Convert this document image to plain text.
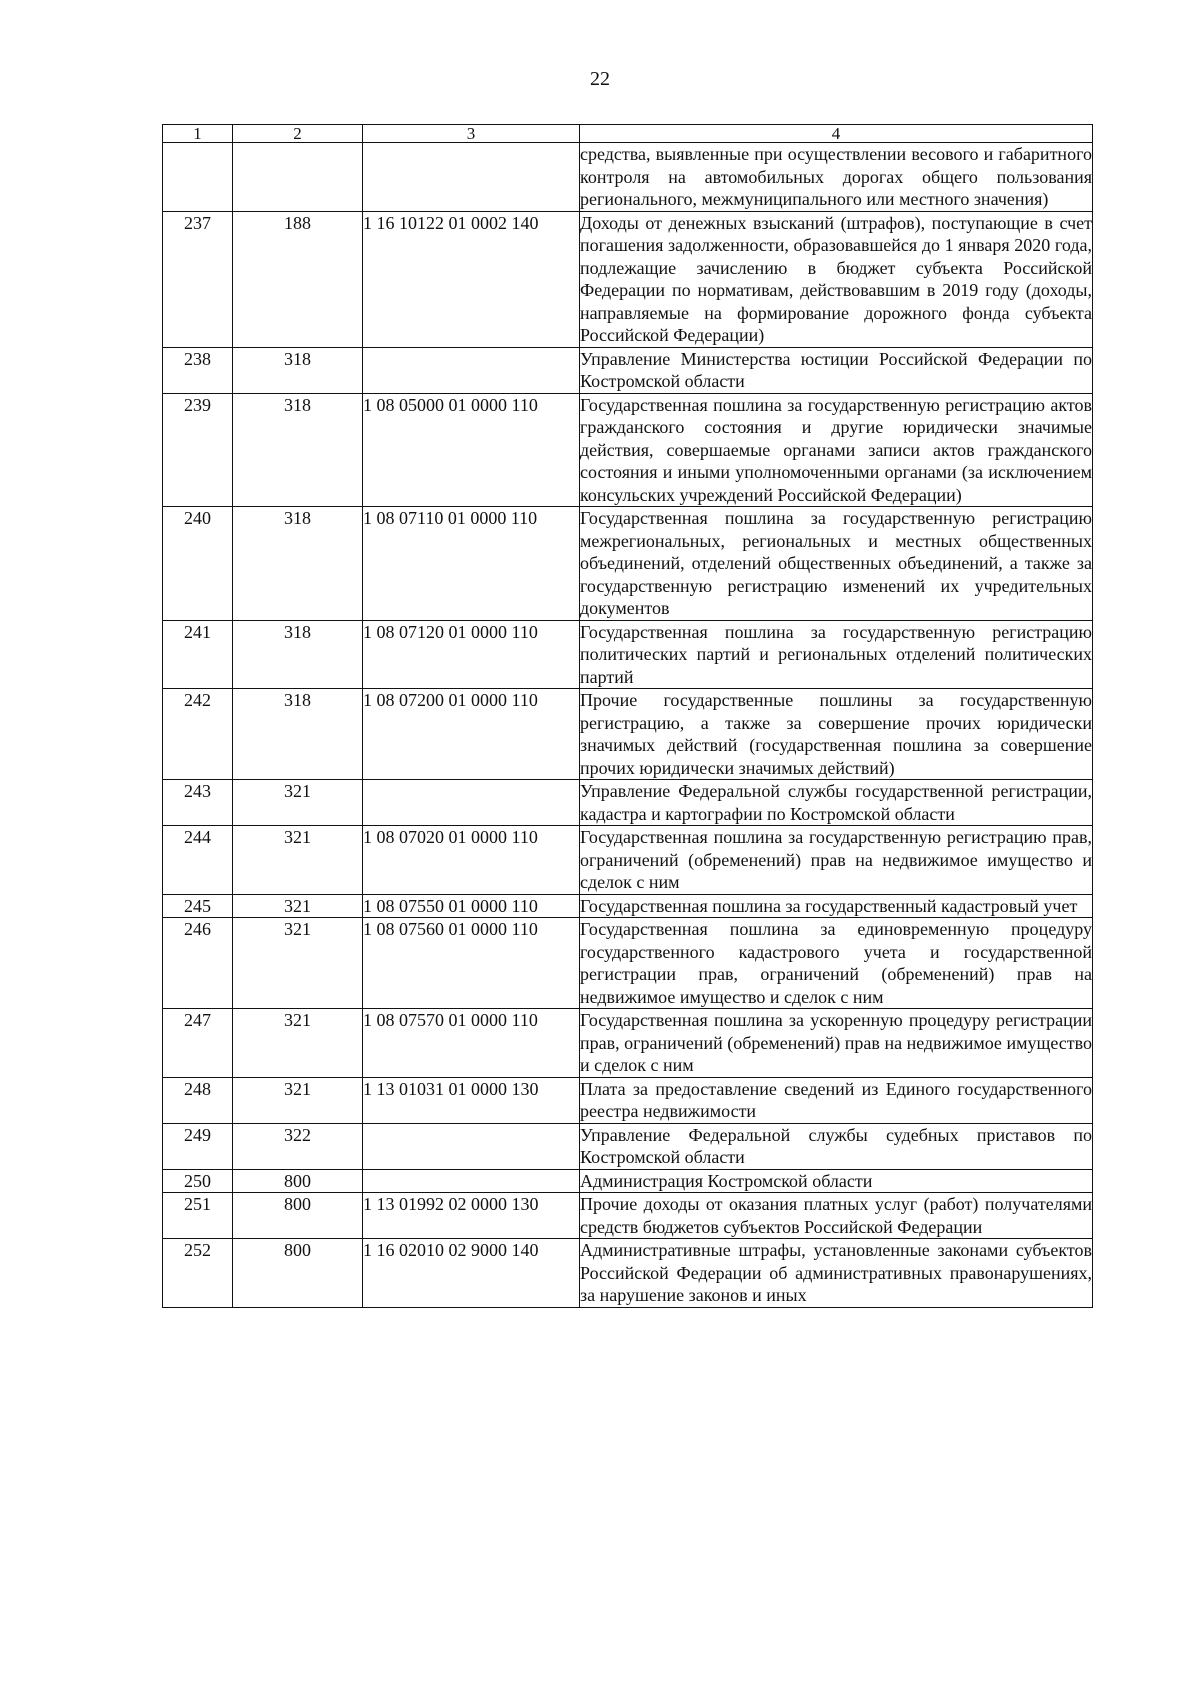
22
1	2	3	4
			средства, выявленные при осуществлении весового и габаритного контроля на автомобильных дорогах общего пользования регионального, межмуниципального или местного значения)
237	188	1 16 10122 01 0002 140	Доходы от денежных взысканий (штрафов), поступающие в счет погашения задолженности, образовавшейся до 1 января 2020 года, подлежащие зачислению в бюджет субъекта Российской Федерации по нормативам, действовавшим в 2019 году (доходы, направляемые на формирование дорожного фонда субъекта Российской Федерации)
238	318		Управление Министерства юстиции Российской Федерации по Костромской области
239	318	1 08 05000 01 0000 110	Государственная пошлина за государственную регистрацию актов гражданского состояния и другие юридически значимые действия, совершаемые органами записи актов гражданского состояния и иными уполномоченными органами (за исключением консульских учреждений Российской Федерации)
240	318	1 08 07110 01 0000 110	Государственная пошлина за государственную регистрацию межрегиональных, региональных и местных общественных объединений, отделений общественных объединений, а также за государственную регистрацию изменений их учредительных документов
241	318	1 08 07120 01 0000 110	Государственная пошлина за государственную регистрацию политических партий и региональных отделений политических партий
242	318	1 08 07200 01 0000 110	Прочие государственные пошлины за государственную регистрацию, а также за совершение прочих юридически значимых действий (государственная пошлина за совершение прочих юридически значимых действий)
243	321		Управление Федеральной службы государственной регистрации, кадастра и картографии по Костромской области
244	321	1 08 07020 01 0000 110	Государственная пошлина за государственную регистрацию прав, ограничений (обременений) прав на недвижимое имущество и сделок с ним
245	321	1 08 07550 01 0000 110	Государственная пошлина за государственный кадастровый учет
246	321	1 08 07560 01 0000 110	Государственная пошлина за единовременную процедуру государственного кадастрового учета и государственной регистрации прав, ограничений (обременений) прав на недвижимое имущество и сделок с ним
247	321	1 08 07570 01 0000 110	Государственная пошлина за ускоренную процедуру регистрации прав, ограничений (обременений) прав на недвижимое имущество и сделок с ним
248	321	1 13 01031 01 0000 130	Плата за предоставление сведений из Единого государственного реестра недвижимости
249	322		Управление Федеральной службы судебных приставов по Костромской области
250	800		Администрация Костромской области
251	800	1 13 01992 02 0000 130	Прочие доходы от оказания платных услуг (работ) получателями средств бюджетов субъектов Российской Федерации
252	800	1 16 02010 02 9000 140	Административные штрафы, установленные законами субъектов Российской Федерации об административных правонарушениях, за нарушение законов и иных
